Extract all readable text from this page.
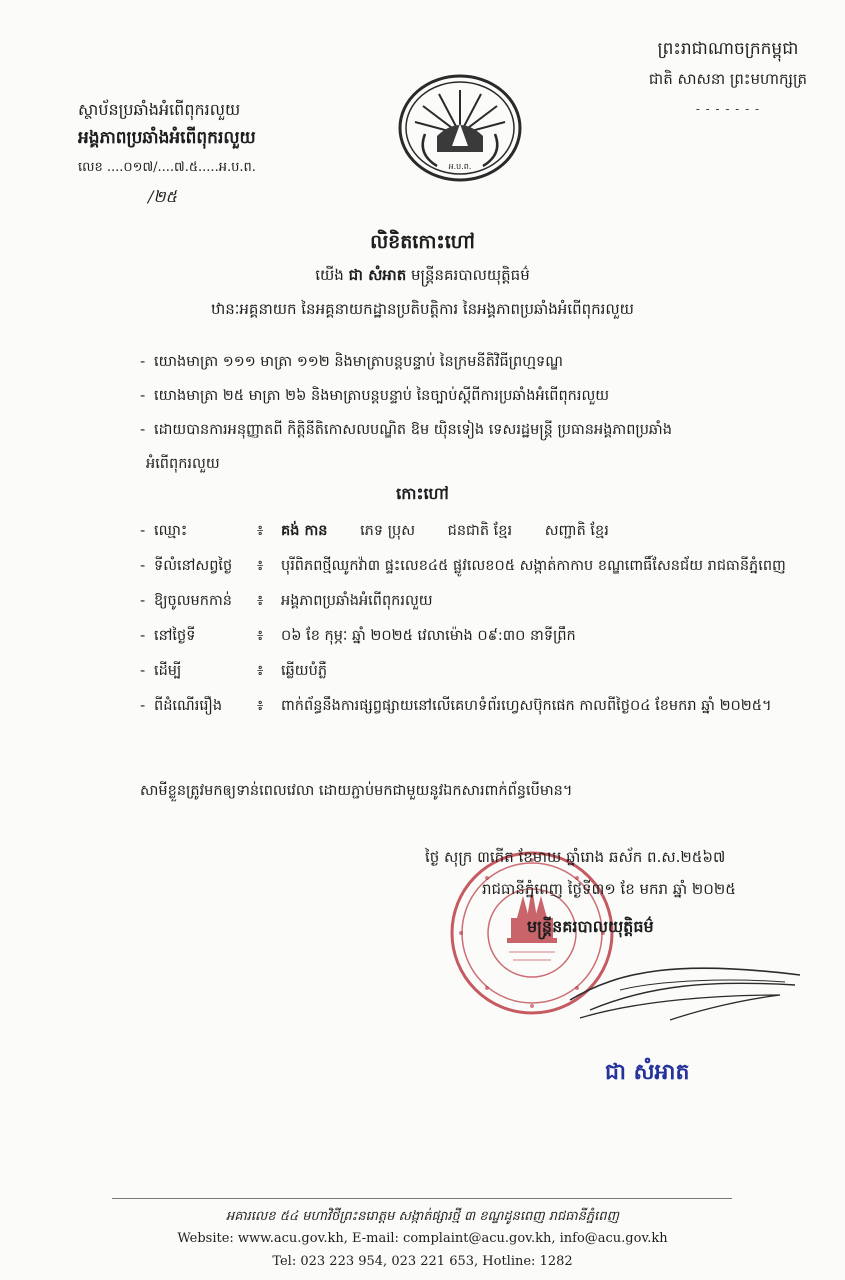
ព្រះរាជាណាចក្រកម្ពុជា
ជាតិ សាសនា ព្រះមហាក្សត្រ
- - - - - - -
ស្ថាប័នប្រឆាំងអំពើពុករលួយ
អង្គភាពប្រឆាំងអំពើពុករលួយ
លេខ ....០១៧/....៧.៥.....អ.ប.ព.
/២៥
អ.ប.ព.
លិខិតកោះហៅ
យើង ជា សំអាត មន្ត្រីនគរបាលយុត្តិធម៌
ឋានៈអគ្គនាយក នៃអគ្គនាយកដ្ឋានប្រតិបត្តិការ នៃអង្គភាពប្រឆាំងអំពើពុករលួយ
- យោងមាត្រា ១១១ មាត្រា ១១២ និងមាត្រាបន្តបន្ទាប់ នៃក្រមនីតិវិធីព្រហ្មទណ្ឌ
- យោងមាត្រា ២៥ មាត្រា ២៦ និងមាត្រាបន្តបន្ទាប់ នៃច្បាប់ស្តីពីការប្រឆាំងអំពើពុករលួយ
- ដោយបានការអនុញ្ញាតពី កិត្តិនីតិកោសលបណ្ឌិត ឱម យ៉ិនទៀង ទេសរដ្ឋមន្ត្រី ប្រធានអង្គភាពប្រឆាំង
អំពើពុករលួយ
កោះហៅ
- ឈ្មោះ	៖	គង់ កាន ភេទ ប្រុស ជនជាតិ ខ្មែរ សញ្ជាតិ ខ្មែរ
- ទីលំនៅសព្វថ្ងៃ	៖	បុរីពិភពថ្មីឈូកវ៉ា៣ ផ្ទះលេខ៤៥ ផ្លូវលេខ០៥ សង្កាត់កាកាប ខណ្ឌពោធិ៍សែនជ័យ រាជធានីភ្នំពេញ
- ឱ្យចូលមកកាន់	៖	អង្គភាពប្រឆាំងអំពើពុករលួយ
- នៅថ្ងៃទី	៖	០៦ ខែ កុម្ភៈ ឆ្នាំ ២០២៥ វេលាម៉ោង ០៩:៣០ នាទីព្រឹក
- ដើម្បី	៖	ឆ្លើយបំភ្លឺ
- ពីដំណើររឿង	៖	ពាក់ព័ន្ធនឹងការផ្សព្វផ្សាយនៅលើគេហទំព័រហ្វេសប៊ុកផេក កាលពីថ្ងៃ០៤ ខែមករា ឆ្នាំ ២០២៥។
សាមីខ្លួនត្រូវមកឲ្យទាន់ពេលវេលា ដោយភ្ជាប់មកជាមួយនូវឯកសារពាក់ព័ន្ធបើមាន។
ថ្ងៃ សុក្រ ៣កើត ខែមាឃ ឆ្នាំរោង ឆស័ក ព.ស.២៥៦៧
រាជធានីភ្នំពេញ ថ្ងៃទី៣១ ខែ មករា ឆ្នាំ ២០២៥
មន្ត្រីនគរបាលយុត្តិធម៌
ជា សំអាត
អគារលេខ ៥៤ មហាវិថីព្រះនរោត្តម សង្កាត់ផ្សារថ្មី ៣ ខណ្ឌដូនពេញ រាជធានីភ្នំពេញ
Website: www.acu.gov.kh, E-mail: complaint@acu.gov.kh, info@acu.gov.kh
Tel: 023 223 954, 023 221 653, Hotline: 1282
